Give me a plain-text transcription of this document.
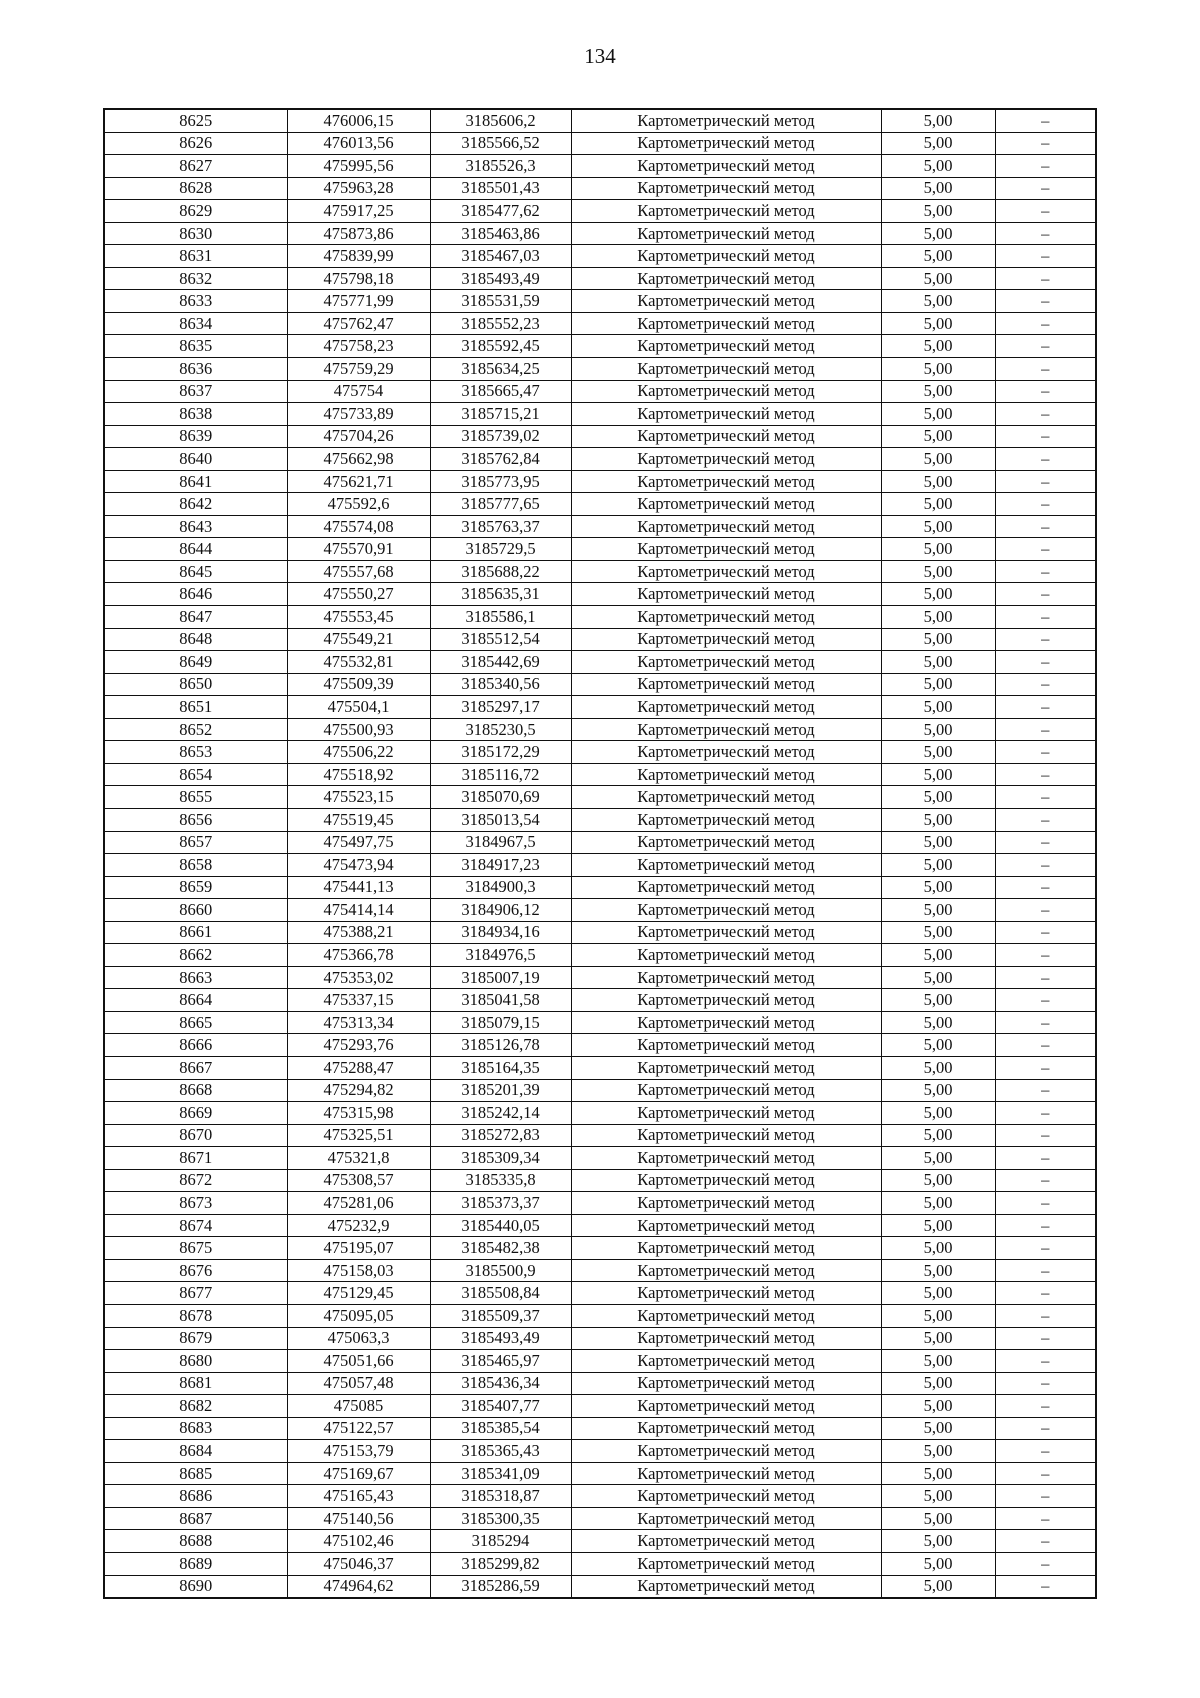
134
8625	476006,15	3185606,2	Картометрический метод	5,00	–
8626	476013,56	3185566,52	Картометрический метод	5,00	–
8627	475995,56	3185526,3	Картометрический метод	5,00	–
8628	475963,28	3185501,43	Картометрический метод	5,00	–
8629	475917,25	3185477,62	Картометрический метод	5,00	–
8630	475873,86	3185463,86	Картометрический метод	5,00	–
8631	475839,99	3185467,03	Картометрический метод	5,00	–
8632	475798,18	3185493,49	Картометрический метод	5,00	–
8633	475771,99	3185531,59	Картометрический метод	5,00	–
8634	475762,47	3185552,23	Картометрический метод	5,00	–
8635	475758,23	3185592,45	Картометрический метод	5,00	–
8636	475759,29	3185634,25	Картометрический метод	5,00	–
8637	475754	3185665,47	Картометрический метод	5,00	–
8638	475733,89	3185715,21	Картометрический метод	5,00	–
8639	475704,26	3185739,02	Картометрический метод	5,00	–
8640	475662,98	3185762,84	Картометрический метод	5,00	–
8641	475621,71	3185773,95	Картометрический метод	5,00	–
8642	475592,6	3185777,65	Картометрический метод	5,00	–
8643	475574,08	3185763,37	Картометрический метод	5,00	–
8644	475570,91	3185729,5	Картометрический метод	5,00	–
8645	475557,68	3185688,22	Картометрический метод	5,00	–
8646	475550,27	3185635,31	Картометрический метод	5,00	–
8647	475553,45	3185586,1	Картометрический метод	5,00	–
8648	475549,21	3185512,54	Картометрический метод	5,00	–
8649	475532,81	3185442,69	Картометрический метод	5,00	–
8650	475509,39	3185340,56	Картометрический метод	5,00	–
8651	475504,1	3185297,17	Картометрический метод	5,00	–
8652	475500,93	3185230,5	Картометрический метод	5,00	–
8653	475506,22	3185172,29	Картометрический метод	5,00	–
8654	475518,92	3185116,72	Картометрический метод	5,00	–
8655	475523,15	3185070,69	Картометрический метод	5,00	–
8656	475519,45	3185013,54	Картометрический метод	5,00	–
8657	475497,75	3184967,5	Картометрический метод	5,00	–
8658	475473,94	3184917,23	Картометрический метод	5,00	–
8659	475441,13	3184900,3	Картометрический метод	5,00	–
8660	475414,14	3184906,12	Картометрический метод	5,00	–
8661	475388,21	3184934,16	Картометрический метод	5,00	–
8662	475366,78	3184976,5	Картометрический метод	5,00	–
8663	475353,02	3185007,19	Картометрический метод	5,00	–
8664	475337,15	3185041,58	Картометрический метод	5,00	–
8665	475313,34	3185079,15	Картометрический метод	5,00	–
8666	475293,76	3185126,78	Картометрический метод	5,00	–
8667	475288,47	3185164,35	Картометрический метод	5,00	–
8668	475294,82	3185201,39	Картометрический метод	5,00	–
8669	475315,98	3185242,14	Картометрический метод	5,00	–
8670	475325,51	3185272,83	Картометрический метод	5,00	–
8671	475321,8	3185309,34	Картометрический метод	5,00	–
8672	475308,57	3185335,8	Картометрический метод	5,00	–
8673	475281,06	3185373,37	Картометрический метод	5,00	–
8674	475232,9	3185440,05	Картометрический метод	5,00	–
8675	475195,07	3185482,38	Картометрический метод	5,00	–
8676	475158,03	3185500,9	Картометрический метод	5,00	–
8677	475129,45	3185508,84	Картометрический метод	5,00	–
8678	475095,05	3185509,37	Картометрический метод	5,00	–
8679	475063,3	3185493,49	Картометрический метод	5,00	–
8680	475051,66	3185465,97	Картометрический метод	5,00	–
8681	475057,48	3185436,34	Картометрический метод	5,00	–
8682	475085	3185407,77	Картометрический метод	5,00	–
8683	475122,57	3185385,54	Картометрический метод	5,00	–
8684	475153,79	3185365,43	Картометрический метод	5,00	–
8685	475169,67	3185341,09	Картометрический метод	5,00	–
8686	475165,43	3185318,87	Картометрический метод	5,00	–
8687	475140,56	3185300,35	Картометрический метод	5,00	–
8688	475102,46	3185294	Картометрический метод	5,00	–
8689	475046,37	3185299,82	Картометрический метод	5,00	–
8690	474964,62	3185286,59	Картометрический метод	5,00	–
